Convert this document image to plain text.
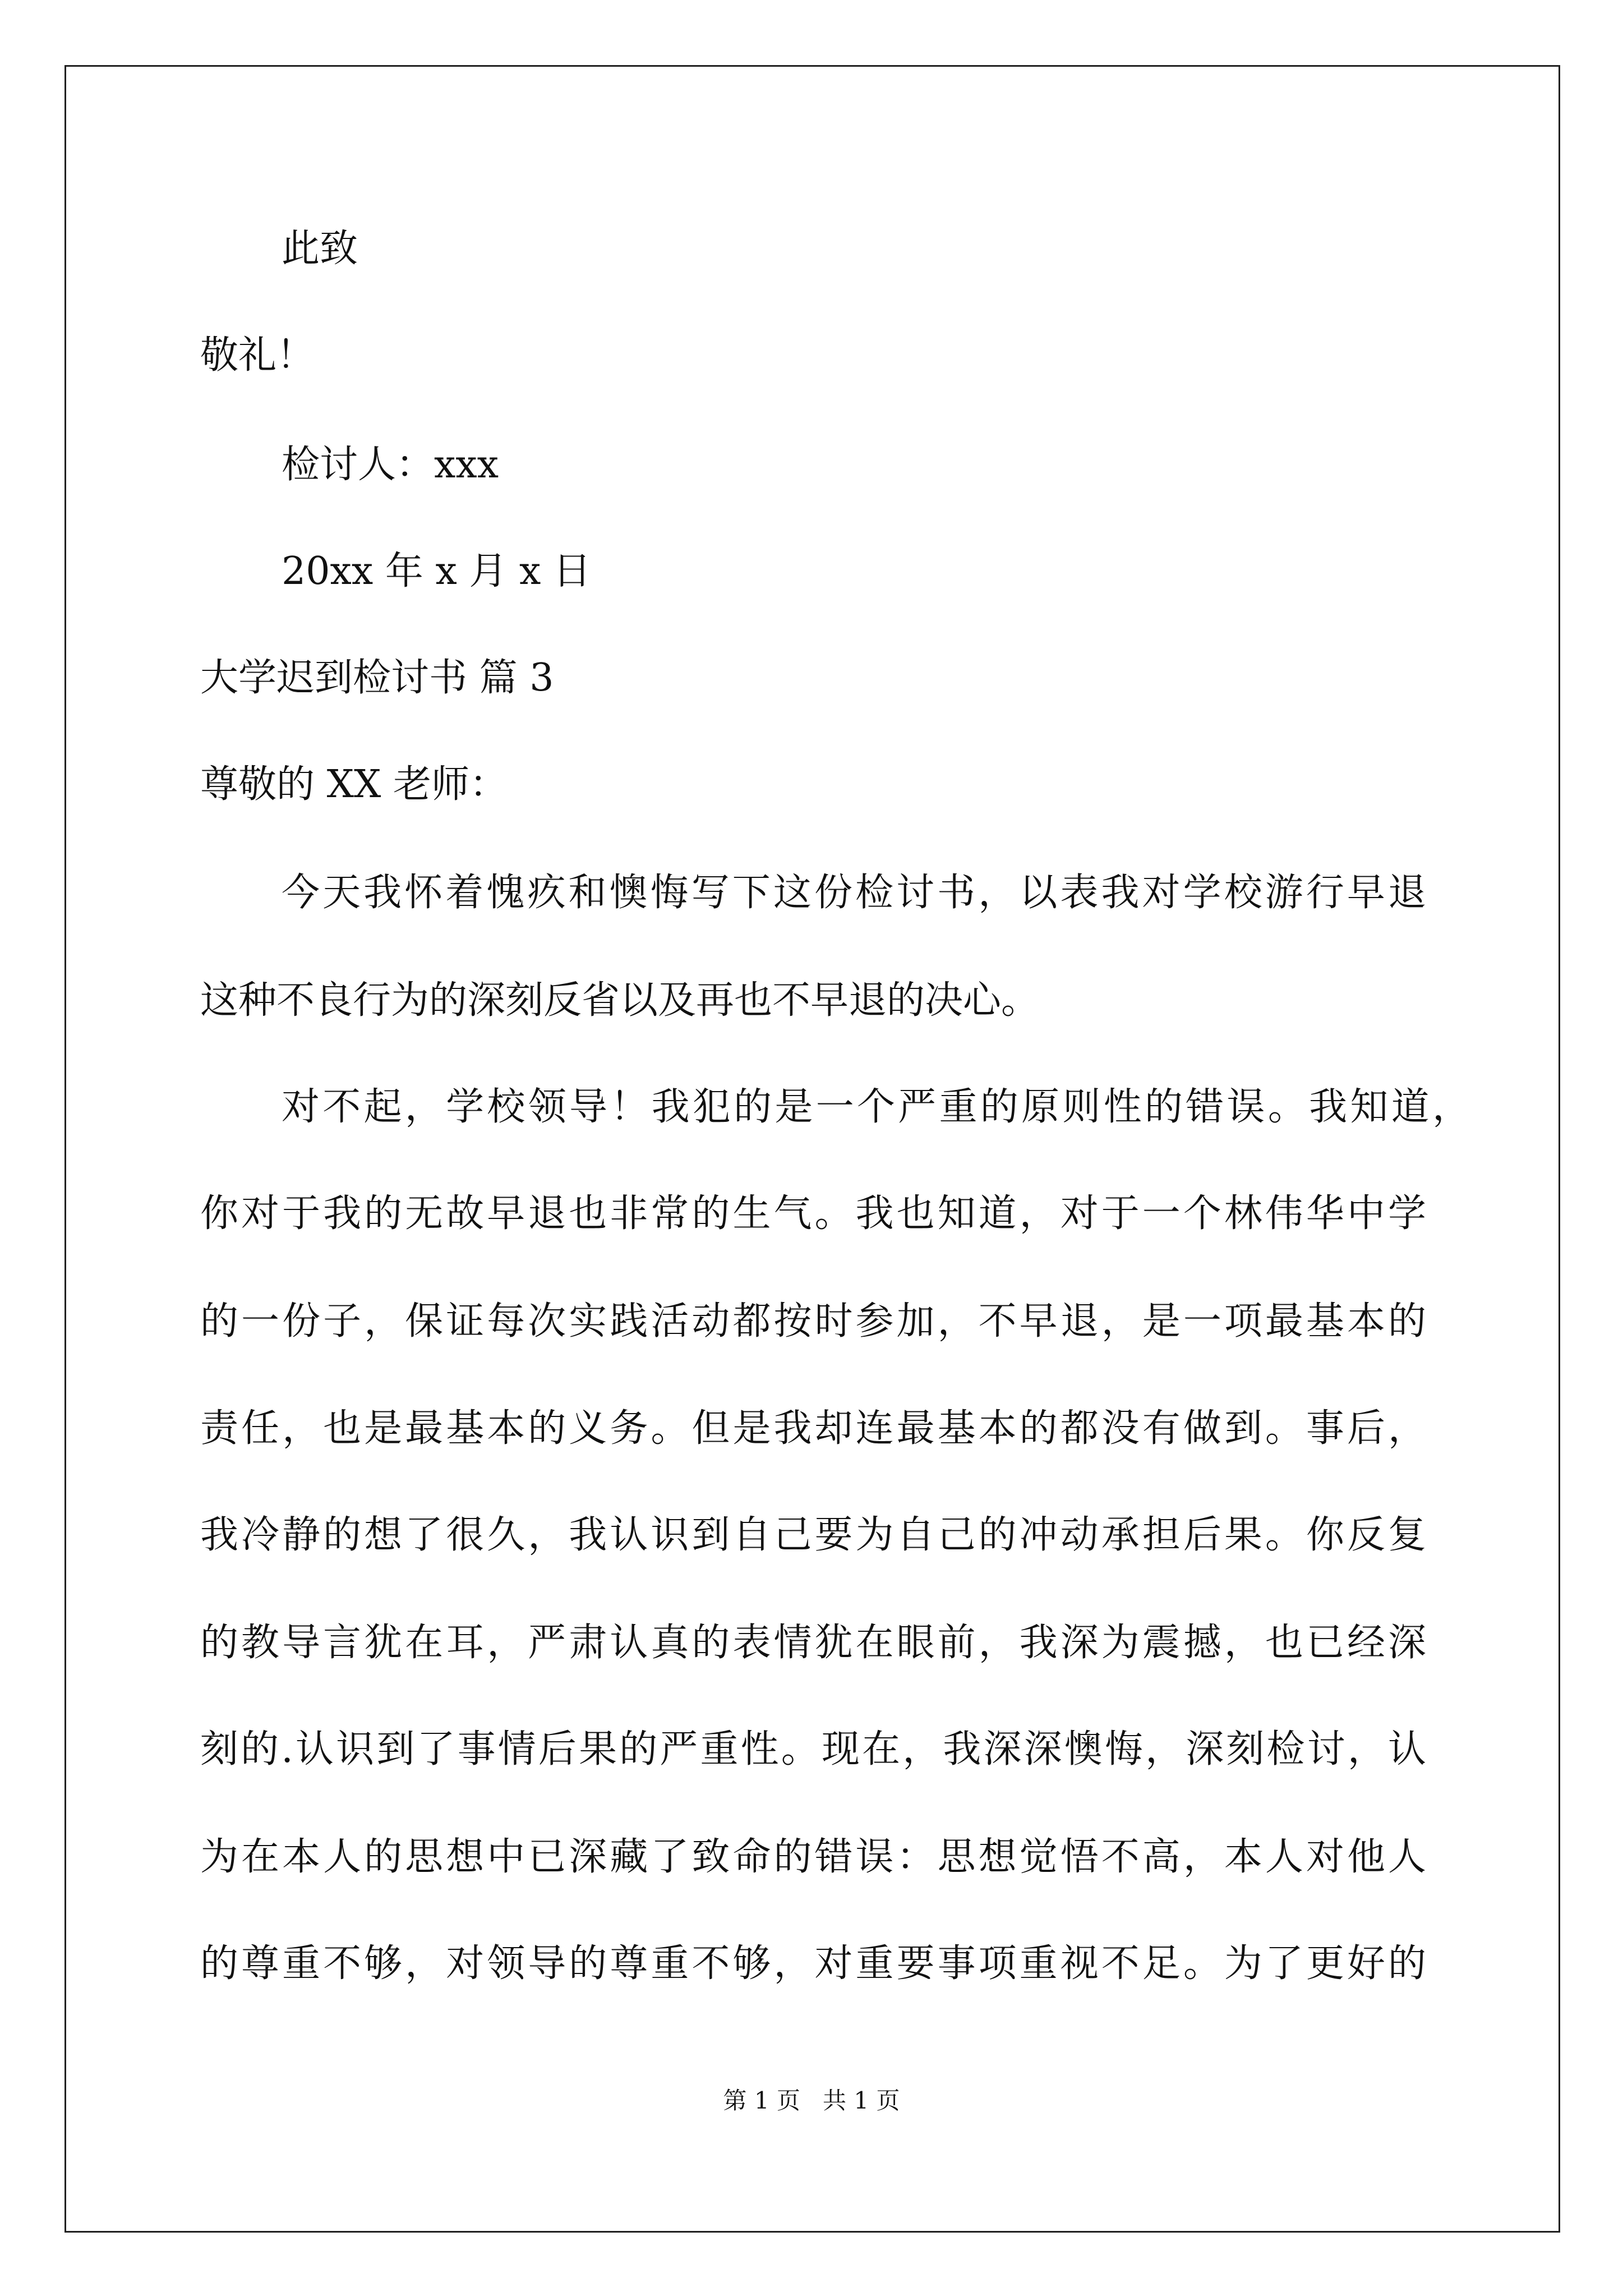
此致
敬礼！
检讨人：xxx
20xx 年 x 月 x 日
大学迟到检讨书 篇 3
尊敬的 XX 老师：
今天我怀着愧疚和懊悔写下这份检讨书，以表我对学校游行早退
这种不良行为的深刻反省以及再也不早退的决心。
对不起，学校领导！我犯的是一个严重的原则性的错误。我知道，
你对于我的无故早退也非常的生气。我也知道，对于一个林伟华中学
的一份子，保证每次实践活动都按时参加，不早退，是一项最基本的
责任，也是最基本的义务。但是我却连最基本的都没有做到。事后，
我冷静的想了很久，我认识到自己要为自己的冲动承担后果。你反复
的教导言犹在耳，严肃认真的表情犹在眼前，我深为震撼，也已经深
刻的.认识到了事情后果的严重性。现在，我深深懊悔，深刻检讨，认
为在本人的思想中已深藏了致命的错误：思想觉悟不高，本人对他人
的尊重不够，对领导的尊重不够，对重要事项重视不足。为了更好的
第 1 页   共 1 页
